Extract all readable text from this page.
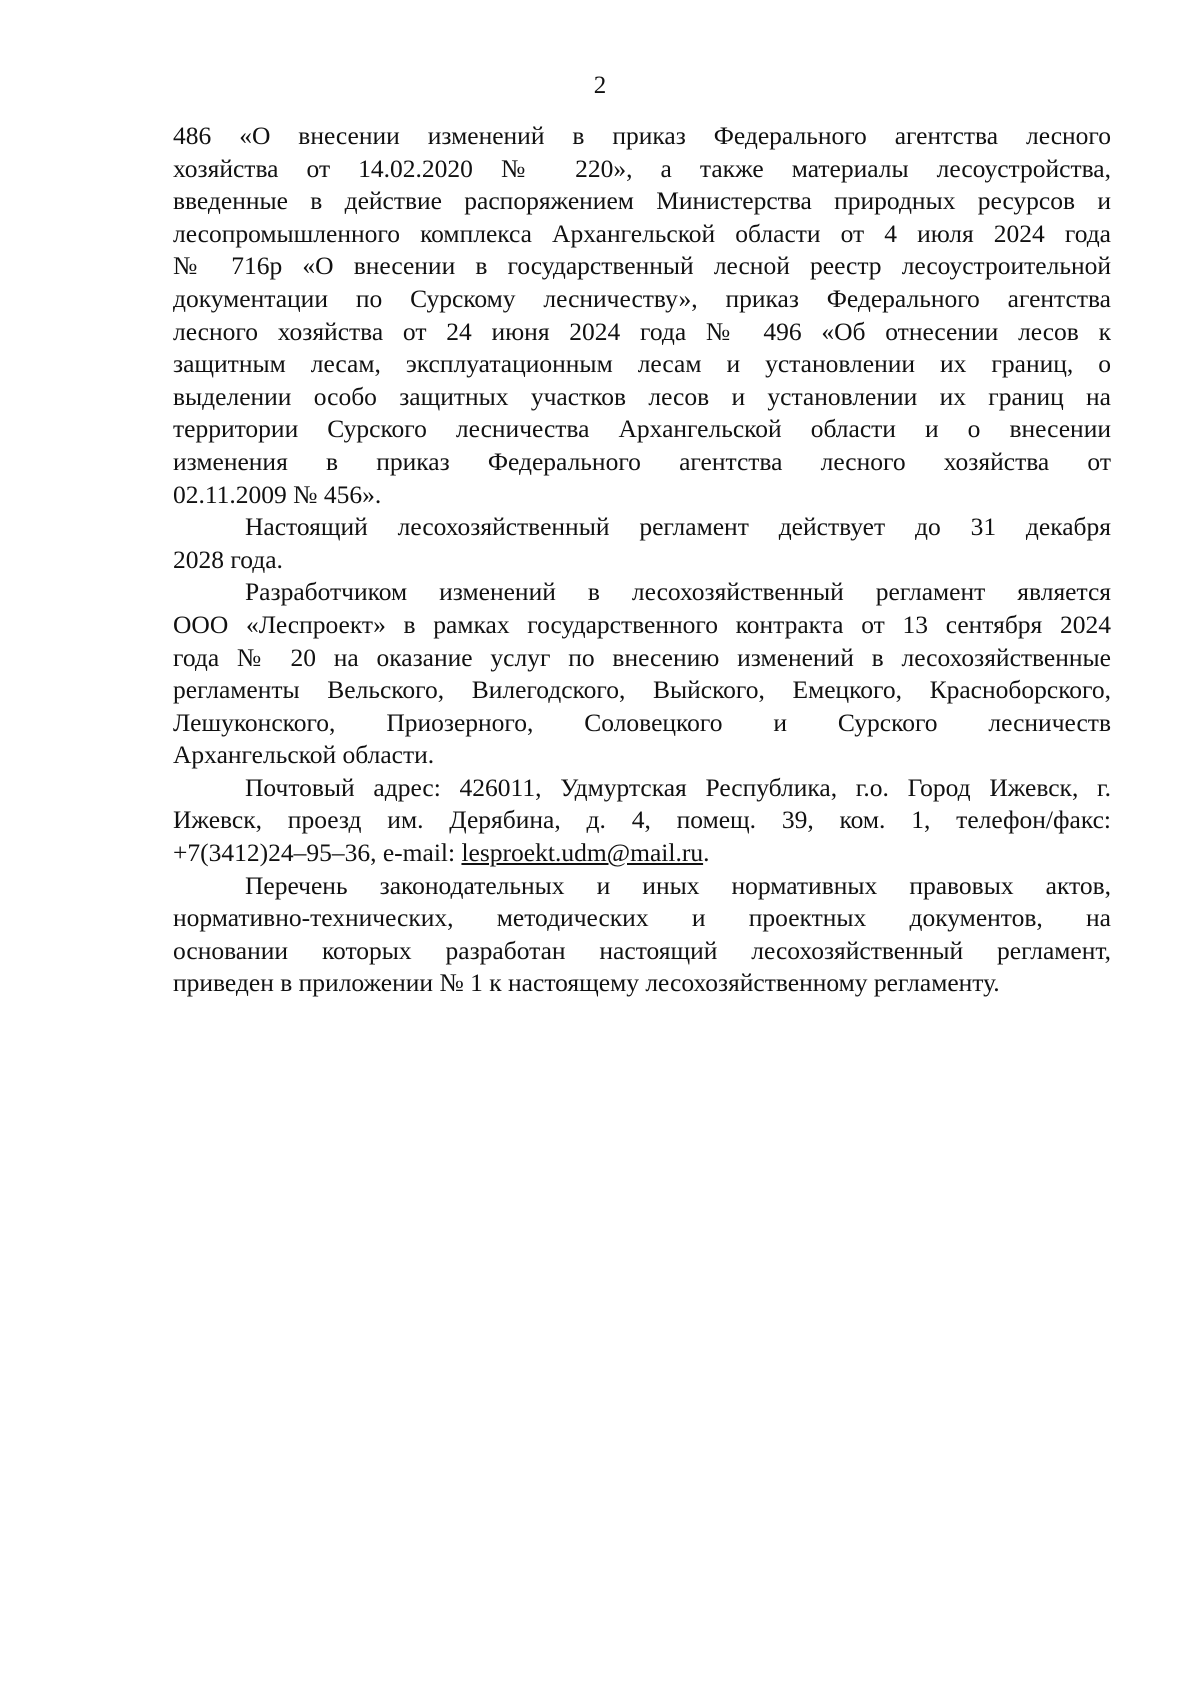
2

486 «О внесении изменений в приказ Федерального агентства лесного
хозяйства от 14.02.2020 № 220», а также материалы лесоустройства,
введенные в действие распоряжением Министерства природных ресурсов и
лесопромышленного комплекса Архангельской области от 4 июля 2024 года
№ 716р «О внесении в государственный лесной реестр лесоустроительной
документации по Сурскому лесничеству», приказ Федерального агентства
лесного хозяйства от 24 июня 2024 года № 496 «Об отнесении лесов к
защитным лесам, эксплуатационным лесам и установлении их границ, о
выделении особо защитных участков лесов и установлении их границ на
территории Сурского лесничества Архангельской области и о внесении
изменения в приказ Федерального агентства лесного хозяйства от
02.11.2009 № 456».

Настоящий лесохозяйственный регламент действует до 31 декабря
2028 года.

Разработчиком изменений в лесохозяйственный регламент является
ООО «Леспроект» в рамках государственного контракта от 13 сентября 2024
года № 20 на оказание услуг по внесению изменений в лесохозяйственные
регламенты Вельского, Вилегодского, Выйского, Емецкого, Красноборского,
Лешуконского, Приозерного, Соловецкого и Сурского лесничеств
Архангельской области.

Почтовый адрес: 426011, Удмуртская Республика, г.о. Город Ижевск, г.
Ижевск, проезд им. Дерябина, д. 4, помещ. 39, ком. 1, телефон/факс:
+7(3412)24–95–36, e-mail: lesproekt.udm@mail.ru.

Перечень законодательных и иных нормативных правовых актов,
нормативно-технических, методических и проектных документов, на
основании которых разработан настоящий лесохозяйственный регламент,
приведен в приложении № 1 к настоящему лесохозяйственному регламенту.
